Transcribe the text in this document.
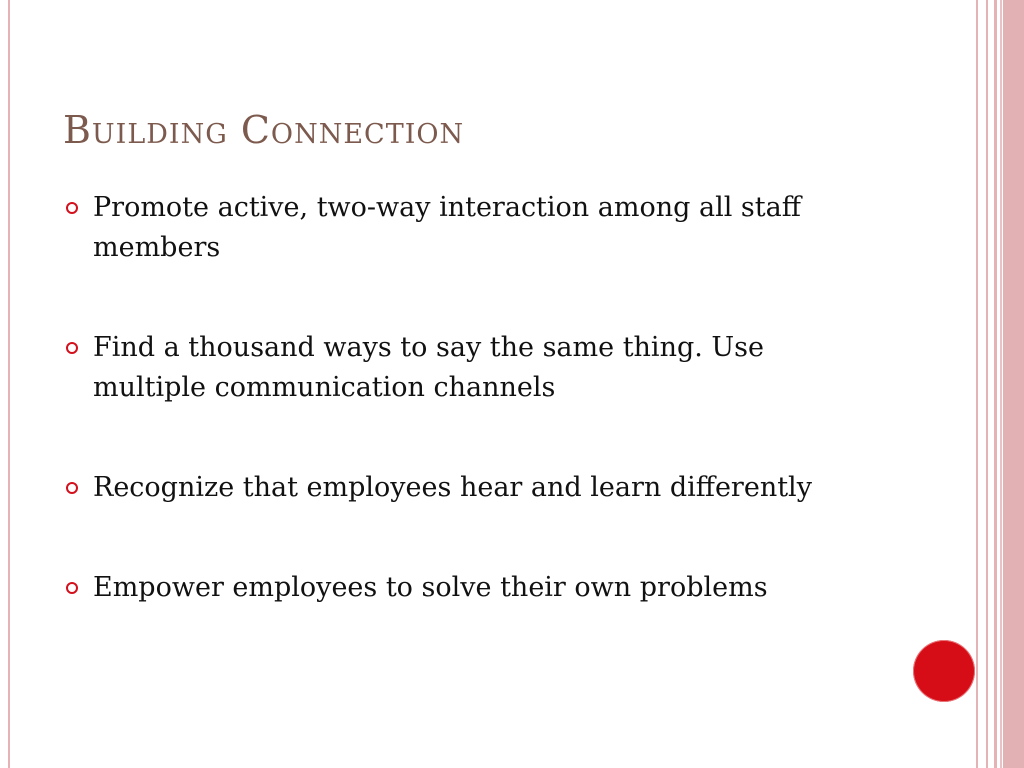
Building Connection
Promote active, two-way interaction among all staff members
Find a thousand ways to say the same thing. Use multiple communication channels
Recognize that employees hear and learn differently
Empower employees to solve their own problems
